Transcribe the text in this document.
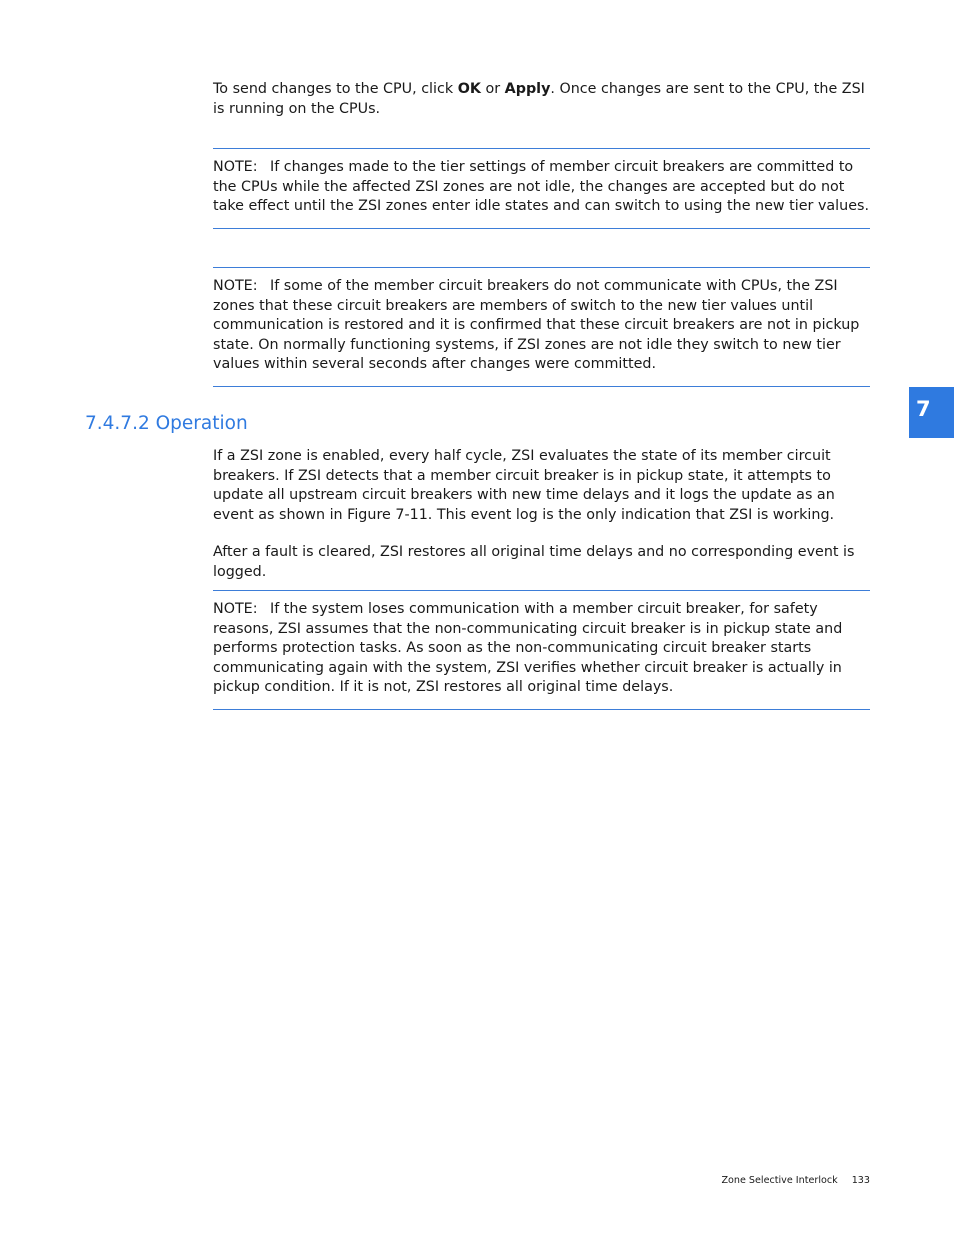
To send changes to the CPU, click OK or Apply. Once changes are sent to the CPU, the ZSI is running on the CPUs.

NOTE: If changes made to the tier settings of member circuit breakers are committed to the CPUs while the affected ZSI zones are not idle, the changes are accepted but do not take effect until the ZSI zones enter idle states and can switch to using the new tier values.

NOTE: If some of the member circuit breakers do not communicate with CPUs, the ZSI zones that these circuit breakers are members of switch to the new tier values until communication is restored and it is confirmed that these circuit breakers are not in pickup state. On normally functioning systems, if ZSI zones are not idle they switch to new tier values within several seconds after changes were committed.

7.4.7.2 Operation
7

If a ZSI zone is enabled, every half cycle, ZSI evaluates the state of its member circuit breakers. If ZSI detects that a member circuit breaker is in pickup state, it attempts to update all upstream circuit breakers with new time delays and it logs the update as an event as shown in Figure 7-11. This event log is the only indication that ZSI is working.

After a fault is cleared, ZSI restores all original time delays and no corresponding event is logged.

NOTE: If the system loses communication with a member circuit breaker, for safety reasons, ZSI assumes that the non-communicating circuit breaker is in pickup state and performs protection tasks. As soon as the non-communicating circuit breaker starts communicating again with the system, ZSI verifies whether circuit breaker is actually in pickup condition. If it is not, ZSI restores all original time delays.

Zone Selective Interlock 133
